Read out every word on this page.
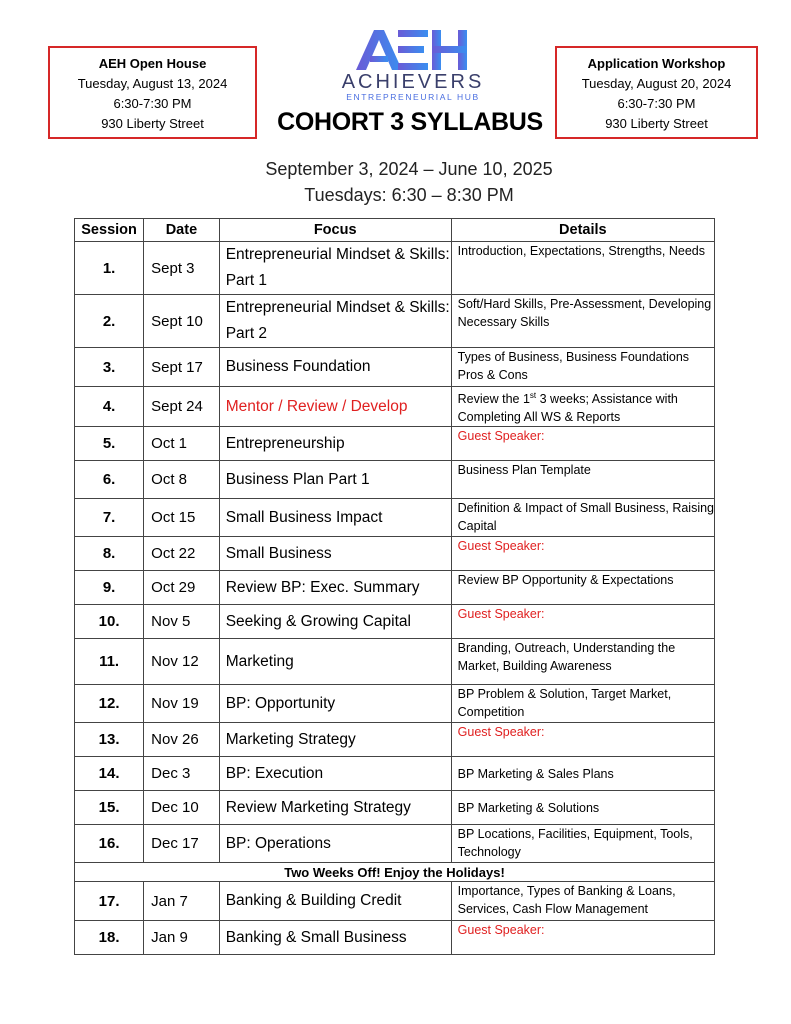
AEH Open House
Tuesday, August 13, 2024
6:30-7:30 PM
930 Liberty Street
ACHIEVERS
ENTREPRENEURIAL HUB
Application Workshop
Tuesday, August 20, 2024
6:30-7:30 PM
930 Liberty Street
COHORT 3 SYLLABUS
September 3, 2024 – June 10, 2025
Tuesdays: 6:30 – 8:30 PM
Session	Date	Focus	Details
1.	Sept 3	Entrepreneurial Mindset & Skills: Part 1	Introduction, Expectations, Strengths, Needs
2.	Sept 10	Entrepreneurial Mindset & Skills: Part 2	Soft/Hard Skills, Pre-Assessment, Developing Necessary Skills
3.	Sept 17	Business Foundation	Types of Business, Business Foundations Pros & Cons
4.	Sept 24	Mentor / Review / Develop	Review the 1st 3 weeks; Assistance with Completing All WS & Reports
5.	Oct 1	Entrepreneurship	Guest Speaker:
6.	Oct 8	Business Plan Part 1	Business Plan Template
7.	Oct 15	Small Business Impact	Definition & Impact of Small Business, Raising Capital
8.	Oct 22	Small Business	Guest Speaker:
9.	Oct 29	Review BP: Exec. Summary	Review BP Opportunity & Expectations
10.	Nov 5	Seeking & Growing Capital	Guest Speaker:
11.	Nov 12	Marketing	Branding, Outreach, Understanding the Market, Building Awareness
12.	Nov 19	BP: Opportunity	BP Problem & Solution, Target Market, Competition
13.	Nov 26	Marketing Strategy	Guest Speaker:
14.	Dec 3	BP: Execution	BP Marketing & Sales Plans
15.	Dec 10	Review Marketing Strategy	BP Marketing & Solutions
16.	Dec 17	BP: Operations	BP Locations, Facilities, Equipment, Tools, Technology
Two Weeks Off! Enjoy the Holidays!			
17.	Jan 7	Banking & Building Credit	Importance, Types of Banking & Loans, Services, Cash Flow Management
18.	Jan 9	Banking & Small Business	Guest Speaker:
